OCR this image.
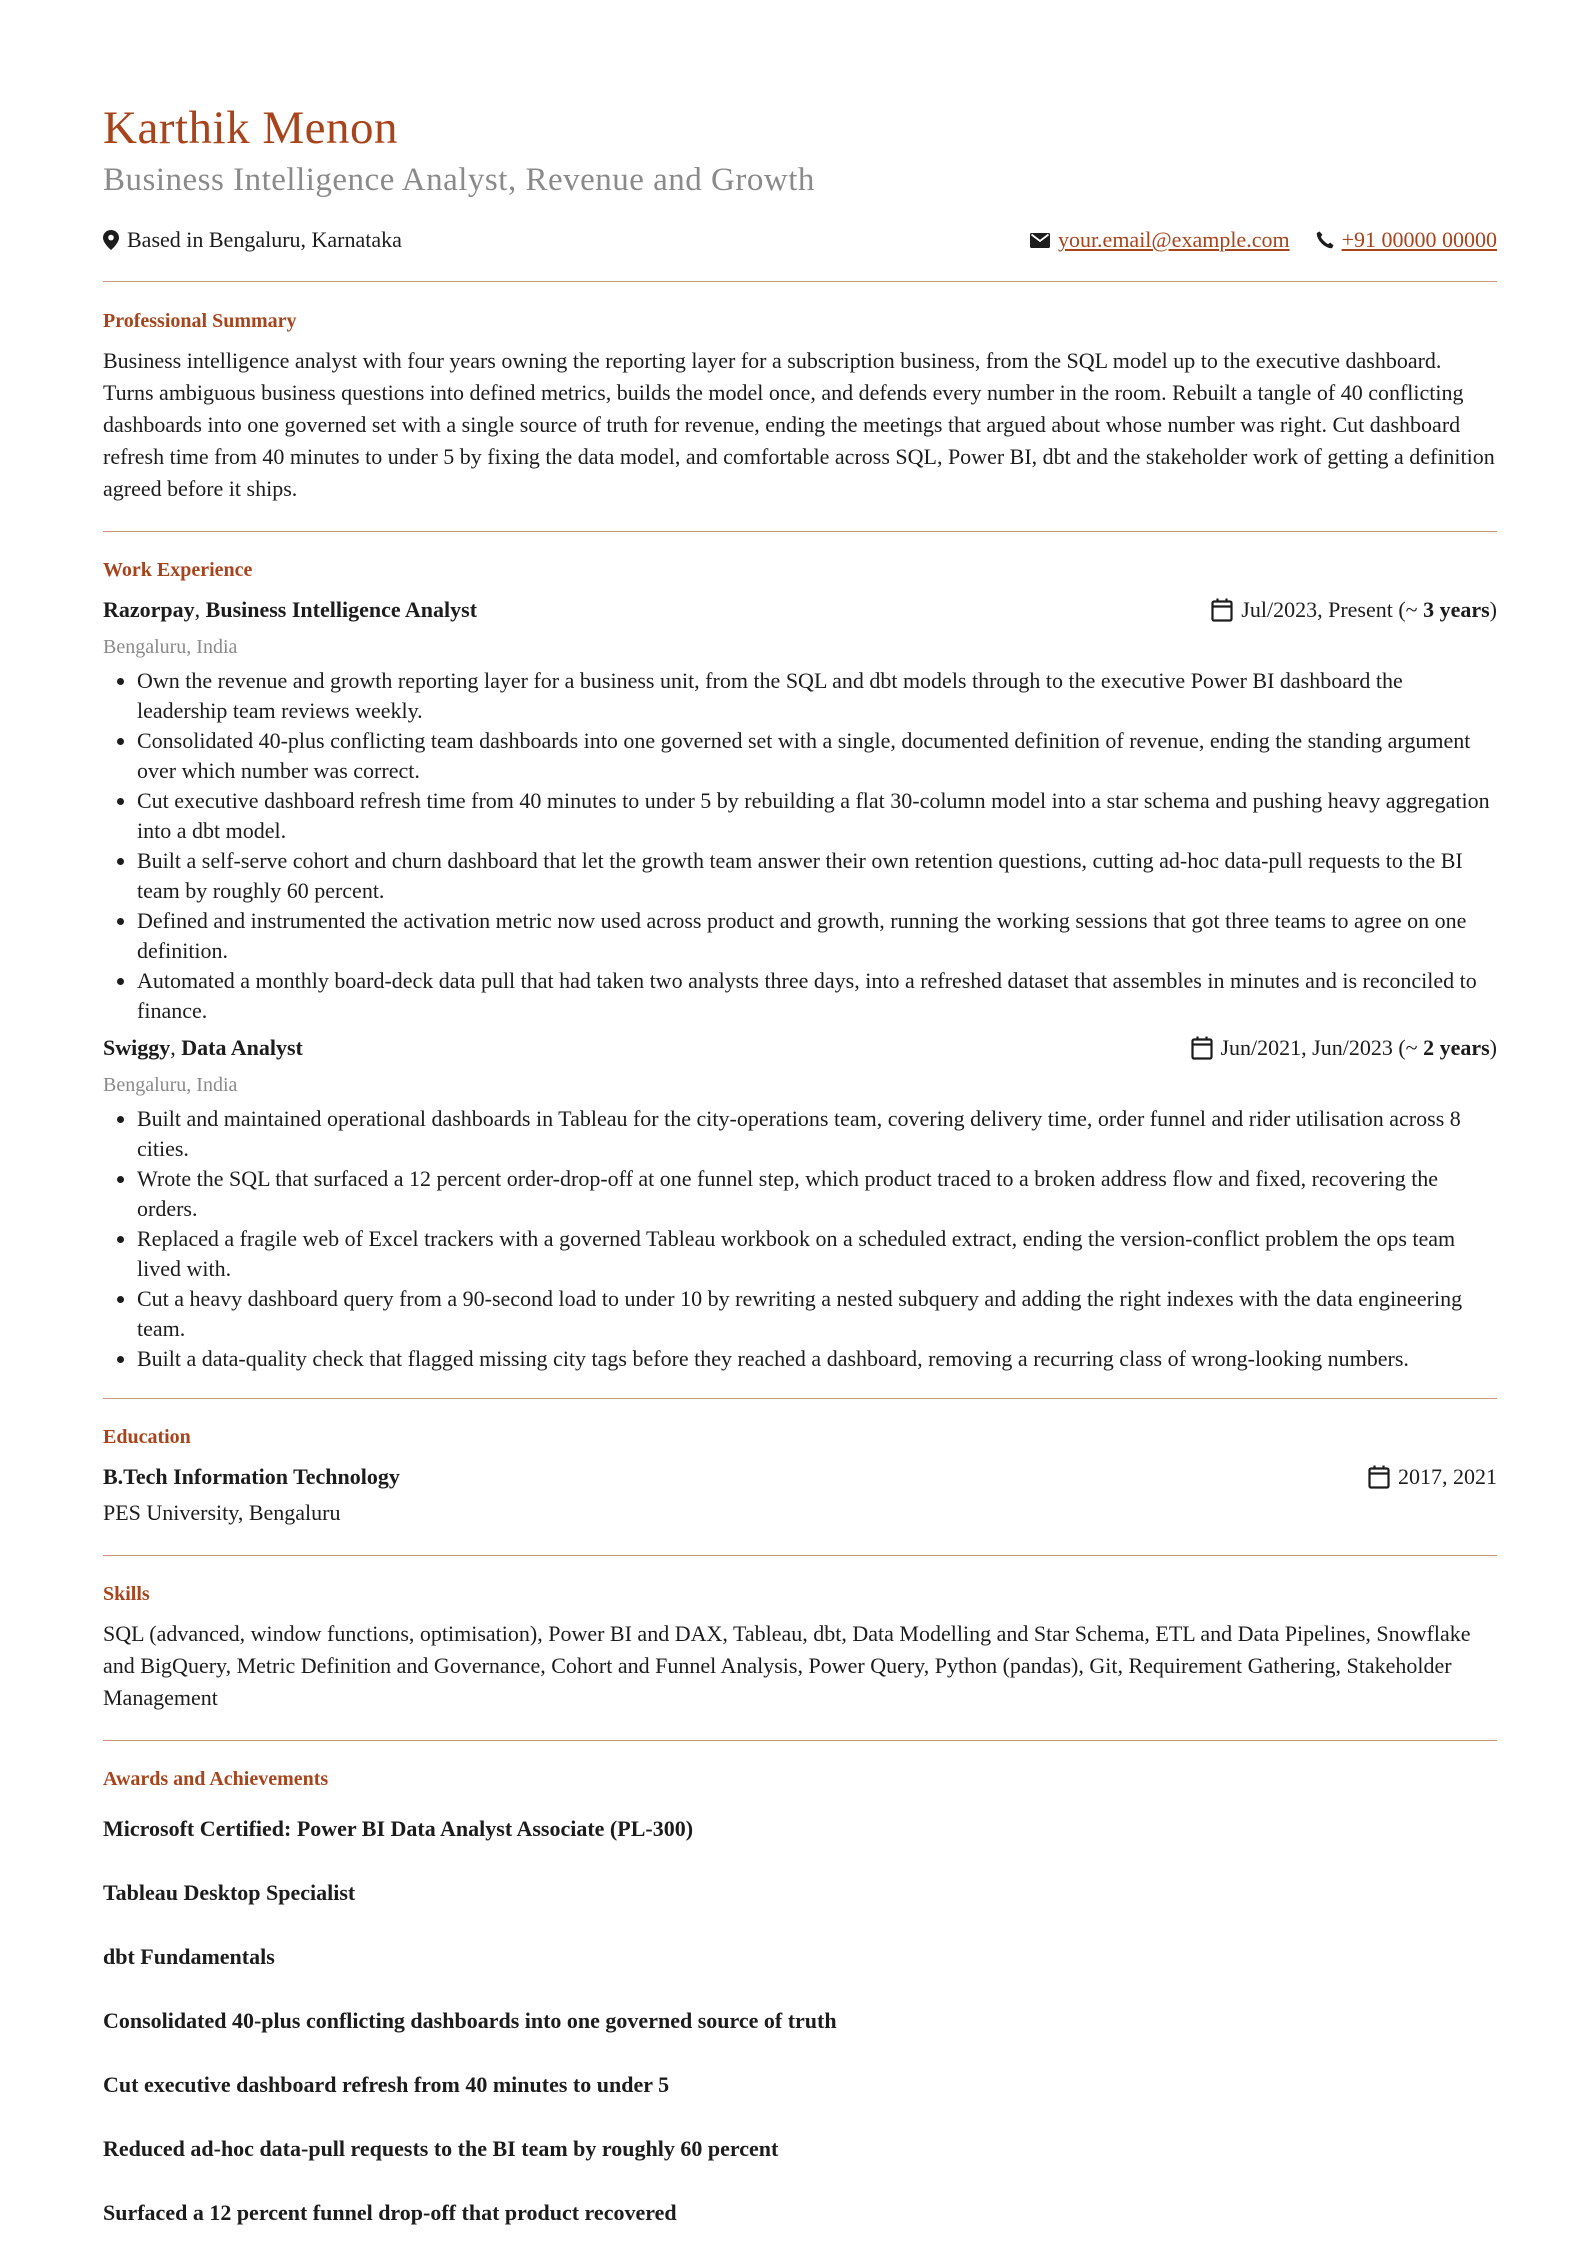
Karthik Menon
Business Intelligence Analyst, Revenue and Growth
Based in Bengaluru, Karnataka	your.email@example.com +91 00000 00000
Professional Summary

Business intelligence analyst with four years owning the reporting layer for a subscription business, from the SQL model up to the executive dashboard. Turns ambiguous business questions into defined metrics, builds the model once, and defends every number in the room. Rebuilt a tangle of 40 conflicting dashboards into one governed set with a single source of truth for revenue, ending the meetings that argued about whose number was right. Cut dashboard refresh time from 40 minutes to under 5 by fixing the data model, and comfortable across SQL, Power BI, dbt and the stakeholder work of getting a definition agreed before it ships.

Work Experience
Razorpay, Business Intelligence Analyst	Jul/2023, Present (~ 3 years )
Bengaluru, India
• Own the revenue and growth reporting layer for a business unit, from the SQL and dbt models through to the executive Power BI dashboard the leadership team reviews weekly.
• Consolidated 40-plus conflicting team dashboards into one governed set with a single, documented definition of revenue, ending the standing argument over which number was correct.
• Cut executive dashboard refresh time from 40 minutes to under 5 by rebuilding a flat 30-column model into a star schema and pushing heavy aggregation into a dbt model.
• Built a self-serve cohort and churn dashboard that let the growth team answer their own retention questions, cutting ad-hoc data-pull requests to the BI team by roughly 60 percent.
• Defined and instrumented the activation metric now used across product and growth, running the working sessions that got three teams to agree on one definition.
• Automated a monthly board-deck data pull that had taken two analysts three days, into a refreshed dataset that assembles in minutes and is reconciled to finance.
Swiggy, Data Analyst	Jun/2021, Jun/2023 (~ 2 years )
Bengaluru, India
• Built and maintained operational dashboards in Tableau for the city-operations team, covering delivery time, order funnel and rider utilisation across 8 cities.
• Wrote the SQL that surfaced a 12 percent order-drop-off at one funnel step, which product traced to a broken address flow and fixed, recovering the orders.
• Replaced a fragile web of Excel trackers with a governed Tableau workbook on a scheduled extract, ending the version-conflict problem the ops team lived with.
• Cut a heavy dashboard query from a 90-second load to under 10 by rewriting a nested subquery and adding the right indexes with the data engineering team.
• Built a data-quality check that flagged missing city tags before they reached a dashboard, removing a recurring class of wrong-looking numbers.
Education
B.Tech Information Technology	2017, 2021
PES University, Bengaluru
Skills

SQL (advanced, window functions, optimisation), Power BI and DAX, Tableau, dbt, Data Modelling and Star Schema, ETL and Data Pipelines, Snowflake and BigQuery, Metric Definition and Governance, Cohort and Funnel Analysis, Power Query, Python (pandas), Git, Requirement Gathering, Stakeholder Management

Awards and Achievements
Microsoft Certified: Power BI Data Analyst Associate (PL-300)
Tableau Desktop Specialist
dbt Fundamentals
Consolidated 40-plus conflicting dashboards into one governed source of truth
Cut executive dashboard refresh from 40 minutes to under 5
Reduced ad-hoc data-pull requests to the BI team by roughly 60 percent
Surfaced a 12 percent funnel drop-off that product recovered
